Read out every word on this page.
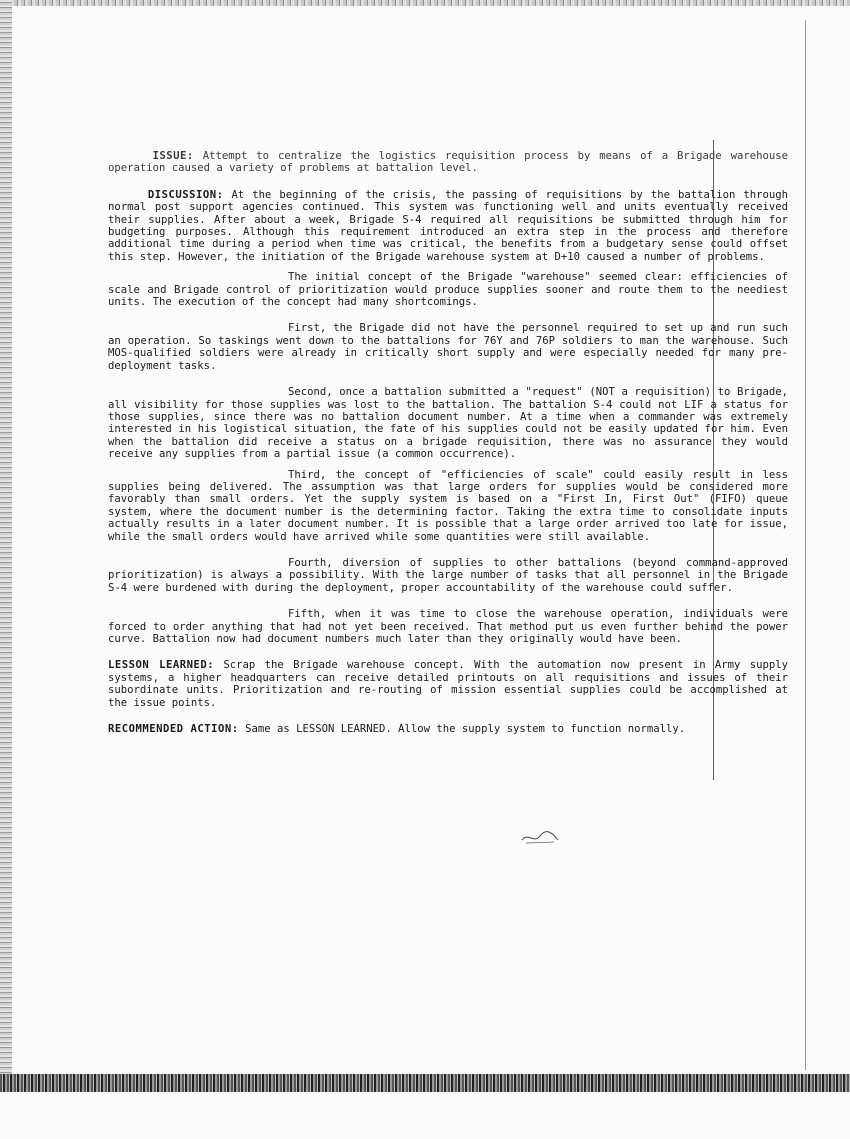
ISSUE: Attempt to centralize the logistics requisition process by means of a Brigade warehouse operation caused a variety of problems at battalion level.

DISCUSSION: At the beginning of the crisis, the passing of requisitions by the battalion through normal post support agencies continued. This system was functioning well and units eventually received their supplies. After about a week, Brigade S-4 required all requisitions be submitted through him for budgeting purposes. Although this requirement introduced an extra step in the process and therefore additional time during a period when time was critical, the benefits from a budgetary sense could offset this step. However, the initiation of the Brigade warehouse system at D+10 caused a number of problems.

The initial concept of the Brigade "warehouse" seemed clear: efficiencies of scale and Brigade control of prioritization would produce supplies sooner and route them to the neediest units. The execution of the concept had many shortcomings.

First, the Brigade did not have the personnel required to set up and run such an operation. So taskings went down to the battalions for 76Y and 76P soldiers to man the warehouse. Such MOS-qualified soldiers were already in critically short supply and were especially needed for many pre-deployment tasks.

Second, once a battalion submitted a "request" (NOT a requisition) to Brigade, all visibility for those supplies was lost to the battalion. The battalion S-4 could not LIF a status for those supplies, since there was no battalion document number. At a time when a commander was extremely interested in his logistical situation, the fate of his supplies could not be easily updated for him. Even when the battalion did receive a status on a brigade requisition, there was no assurance they would receive any supplies from a partial issue (a common occurrence).

Third, the concept of "efficiencies of scale" could easily result in less supplies being delivered. The assumption was that large orders for supplies would be considered more favorably than small orders. Yet the supply system is based on a "First In, First Out" (FIFO) queue system, where the document number is the determining factor. Taking the extra time to consolidate inputs actually results in a later document number. It is possible that a large order arrived too late for issue, while the small orders would have arrived while some quantities were still available.

Fourth, diversion of supplies to other battalions (beyond command-approved prioritization) is always a possibility. With the large number of tasks that all personnel in the Brigade S-4 were burdened with during the deployment, proper accountability of the warehouse could suffer.

Fifth, when it was time to close the warehouse operation, individuals were forced to order anything that had not yet been received. That method put us even further behind the power curve. Battalion now had document numbers much later than they originally would have been.

LESSON LEARNED: Scrap the Brigade warehouse concept. With the automation now present in Army supply systems, a higher headquarters can receive detailed printouts on all requisitions and issues of their subordinate units. Prioritization and re-routing of mission essential supplies could be accomplished at the issue points.

RECOMMENDED ACTION: Same as LESSON LEARNED. Allow the supply system to function normally.
